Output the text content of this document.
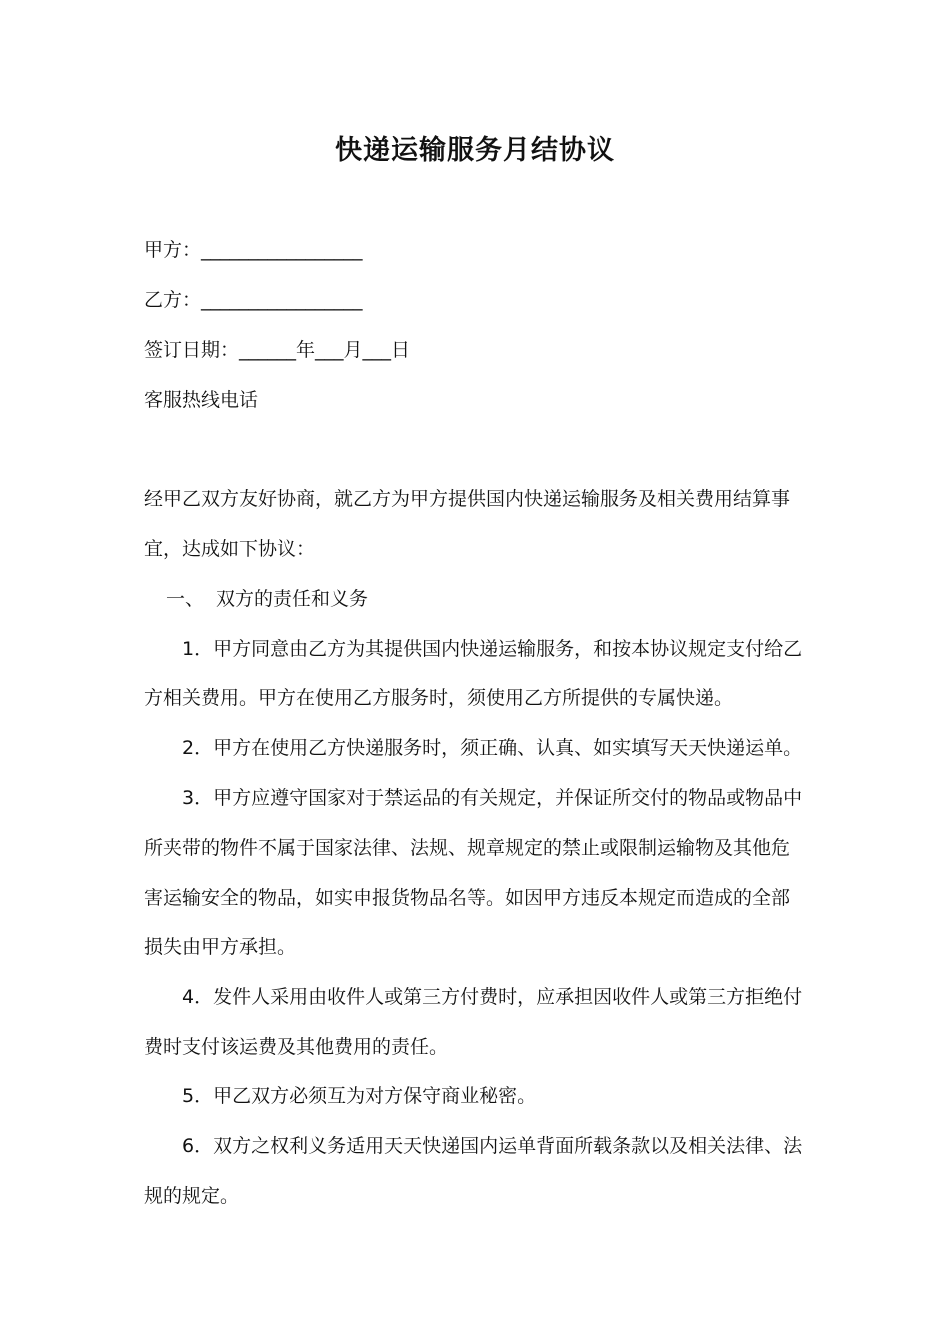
快递运输服务月结协议
甲方：_________________
乙方：_________________
签订日期：______年___月___日
客服热线电话
经甲乙双方友好协商，就乙方为甲方提供国内快递运输服务及相关费用结算事
宜，达成如下协议：
一、 双方的责任和义务
1．甲方同意由乙方为其提供国内快递运输服务，和按本协议规定支付给乙
方相关费用。甲方在使用乙方服务时，须使用乙方所提供的专属快递。
2．甲方在使用乙方快递服务时，须正确、认真、如实填写天天快递运单。
3．甲方应遵守国家对于禁运品的有关规定，并保证所交付的物品或物品中
所夹带的物件不属于国家法律、法规、规章规定的禁止或限制运输物及其他危
害运输安全的物品，如实申报货物品名等。如因甲方违反本规定而造成的全部
损失由甲方承担。
4．发件人采用由收件人或第三方付费时，应承担因收件人或第三方拒绝付
费时支付该运费及其他费用的责任。
5．甲乙双方必须互为对方保守商业秘密。
6．双方之权利义务适用天天快递国内运单背面所载条款以及相关法律、法
规的规定。
